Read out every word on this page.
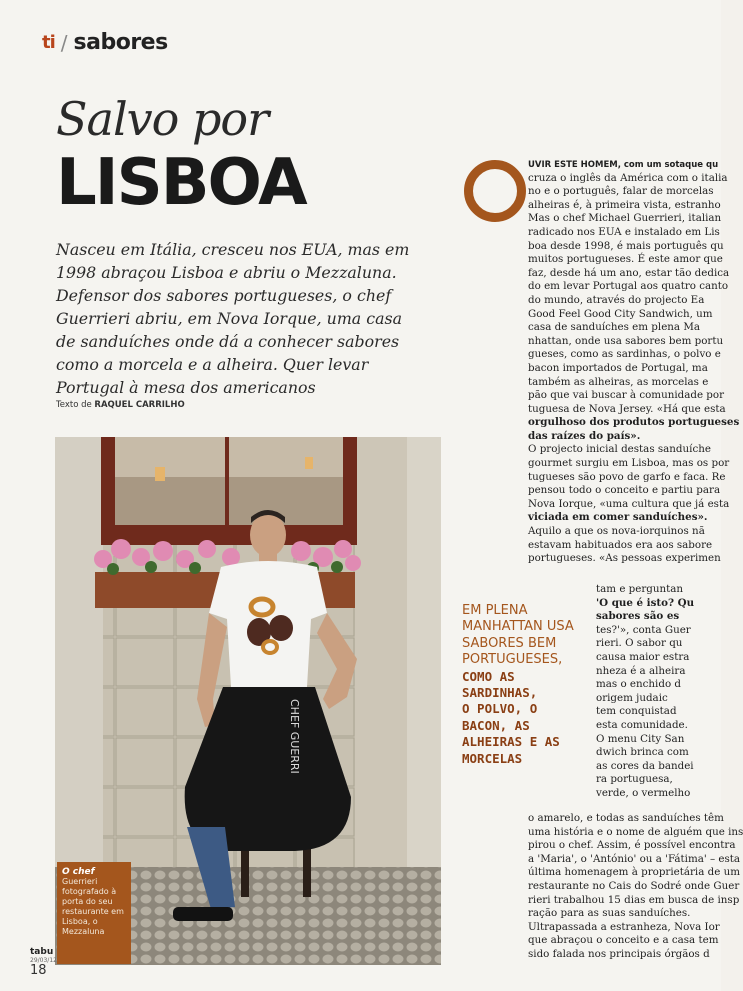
ti / sabores
Salvo por
LISBOA
Nasceu em Itália, cresceu nos EUA, mas em 1998 abraçou Lisboa e abriu o Mezzaluna. Defensor dos sabores portugueses, o chef Guerrieri abriu, em Nova Iorque, uma casa de sanduíches onde dá a conhecer sabores como a morcela e a alheira. Quer levar Portugal à mesa dos americanos
Texto de RAQUEL CARRILHO
CHEF GUERRI
O chef
Guerrieri fotografado à porta do seu restaurante em Lisboa, o Mezzaluna
tabu
29/03/12
18
UVIR ESTE HOMEM, com um sotaque qu
cruza o inglês da América com o italia
no e o português, falar de morcelas
alheiras é, à primeira vista, estranho
Mas o chef Michael Guerrieri, italian
radicado nos EUA e instalado em Lis
boa desde 1998, é mais português qu
muitos portugueses. É este amor que
faz, desde há um ano, estar tão dedica
do em levar Portugal aos quatro canto
do mundo, através do projecto Ea
Good Feel Good City Sandwich, um
casa de sanduíches em plena Ma
nhattan, onde usa sabores bem portu
gueses, como as sardinhas, o polvo e
bacon importados de Portugal, ma
também as alheiras, as morcelas e
pão que vai buscar à comunidade por
tuguesa de Nova Jersey. «Há que esta
orgulhoso dos produtos portugueses
das raízes do país».
O projecto inicial destas sanduíche
gourmet surgiu em Lisboa, mas os por
tugueses são povo de garfo e faca. Re
pensou todo o conceito e partiu para
Nova Iorque, «uma cultura que já esta
viciada em comer sanduíches».
Aquilo a que os nova-iorquinos nã
estavam habituados era aos sabore
portugueses. «As pessoas experimen
EM PLENA
MANHATTAN USA
SABORES BEM
PORTUGUESES,
COMO AS
SARDINHAS,
O POLVO, O
BACON, AS
ALHEIRAS E AS
MORCELAS
tam e perguntan
'O que é isto? Qu
sabores são es
tes?'», conta Guer
rieri. O sabor qu
causa maior estra
nheza é a alheira
mas o enchido d
origem judaic
tem conquistad
esta comunidade.
O menu City San
dwich brinca com
as cores da bandei
ra portuguesa,
verde, o vermelho
o amarelo, e todas as sanduíches têm
uma história e o nome de alguém que ins
pirou o chef. Assim, é possível encontra
a 'Maria', o 'António' ou a 'Fátima' – esta
última homenagem à proprietária de um
restaurante no Cais do Sodré onde Guer
rieri trabalhou 15 dias em busca de insp
ração para as suas sanduíches.
Ultrapassada a estranheza, Nova Ior
que abraçou o conceito e a casa tem
sido falada nos principais órgãos d
